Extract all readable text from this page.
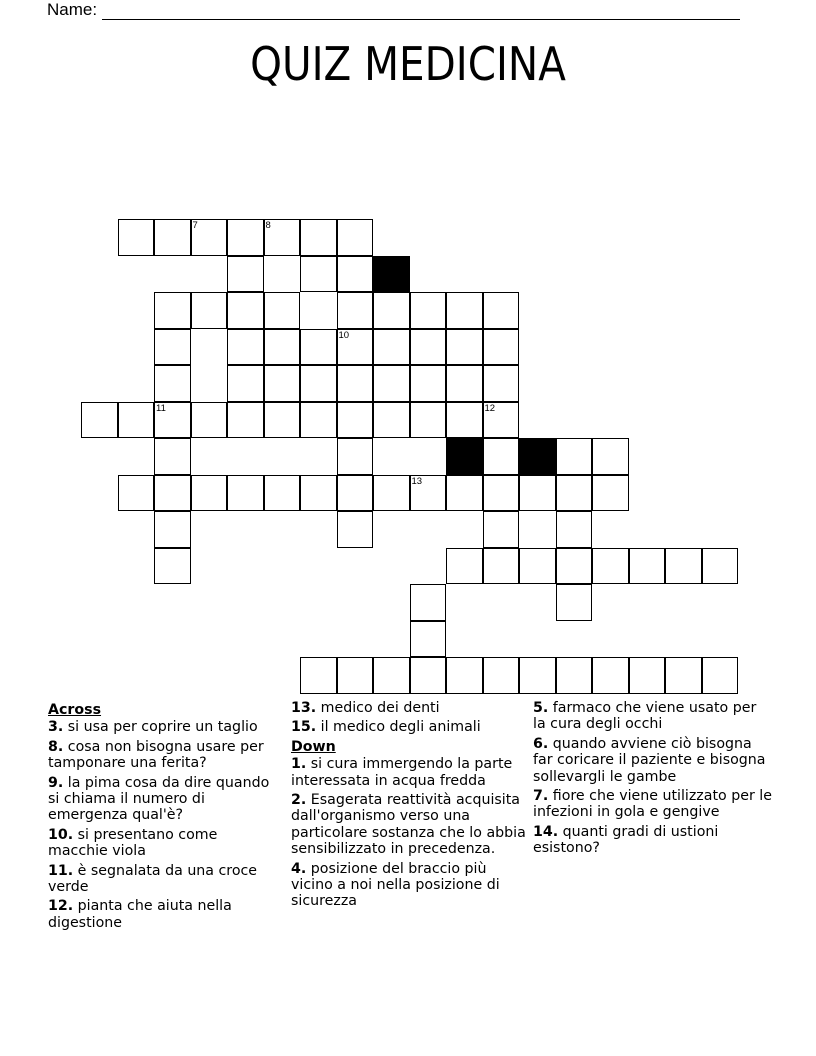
Name:
QUIZ MEDICINA
7	8
10
11	12
13
Across
3. si usa per coprire un taglio
8. cosa non bisogna usare per tamponare una ferita?
9. la pima cosa da dire quando si chiama il numero di emergenza qual'è?
10. si presentano come macchie viola
11. è segnalata da una croce verde
12. pianta che aiuta nella digestione
13. medico dei denti
15. il medico degli animali
Down
1. si cura immergendo la parte interessata in acqua fredda
2. Esagerata reattività acquisita dall'organismo verso una particolare sostanza che lo abbia sensibilizzato in precedenza.
4. posizione del braccio più vicino a noi nella posizione di sicurezza
5. farmaco che viene usato per la cura degli occhi
6. quando avviene ciò bisogna far coricare il paziente e bisogna sollevargli le gambe
7. fiore che viene utilizzato per le infezioni in gola e gengive
14. quanti gradi di ustioni esistono?
